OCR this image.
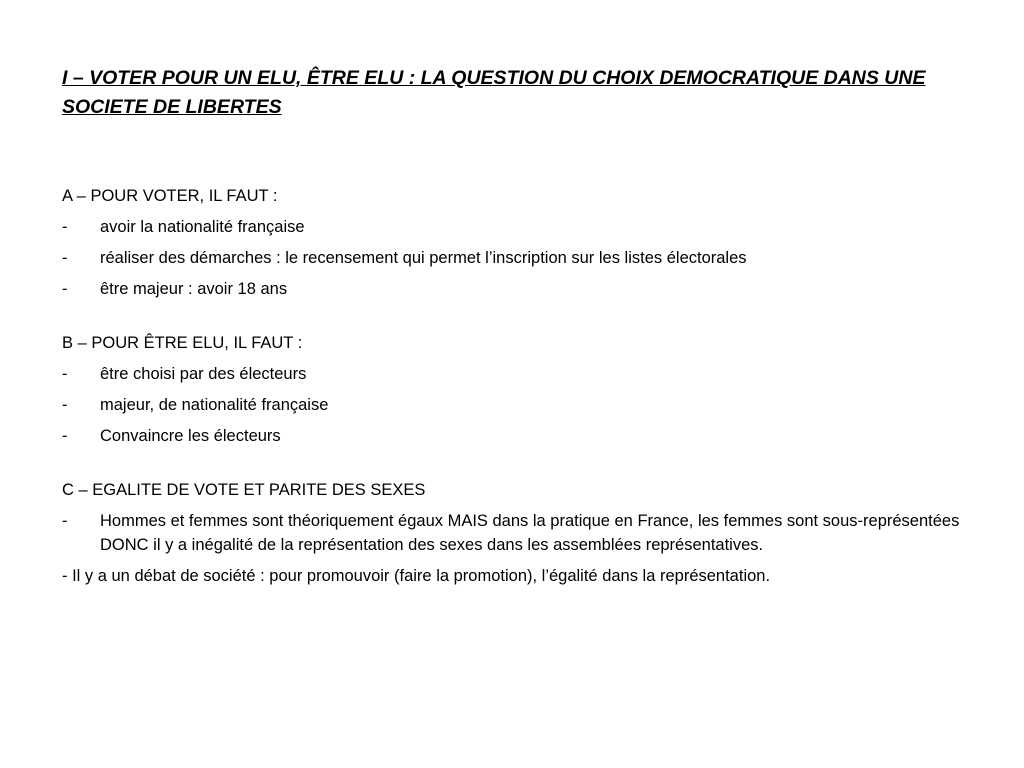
I – VOTER POUR UN ELU, ÊTRE ELU : LA QUESTION DU CHOIX DEMOCRATIQUE DANS UNE SOCIETE DE LIBERTES
A – POUR VOTER, IL FAUT :
-	avoir la nationalité française
-	réaliser des démarches : le recensement qui permet l’inscription sur les listes électorales
-	être majeur : avoir 18 ans
B – POUR ÊTRE ELU, IL FAUT :
-	être choisi par des électeurs
-	majeur, de nationalité française
-	Convaincre les électeurs
C – EGALITE DE VOTE ET PARITE DES SEXES
-	Hommes et femmes sont théoriquement égaux MAIS dans la pratique en France, les femmes sont sous-représentées DONC il y a inégalité de la représentation des sexes dans les assemblées représentatives.
- Il y a un débat de société : pour promouvoir (faire la promotion), l’égalité dans la représentation.
